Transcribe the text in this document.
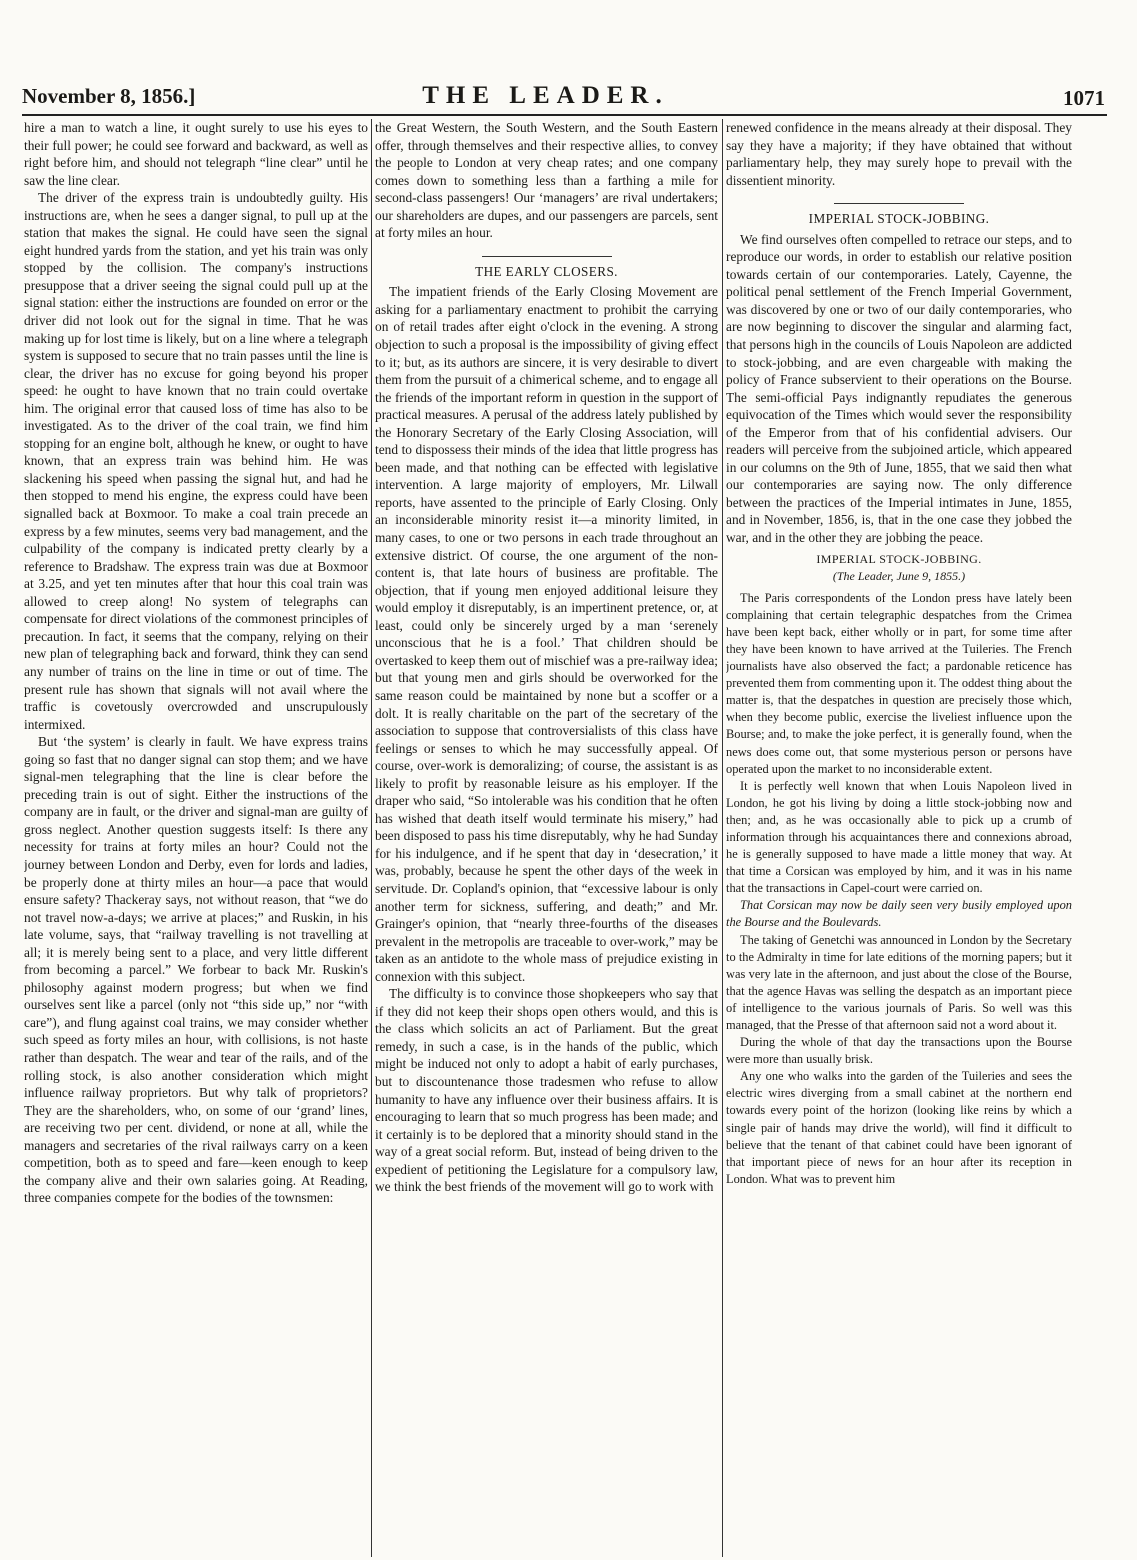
November 8, 1856.]	THE LEADER.	1071

hire a man to watch a line, it ought surely to use his eyes to their full power; he could see forward and backward, as well as right before him, and should not telegraph “line clear” until he saw the line clear.

The driver of the express train is undoubtedly guilty. His instructions are, when he sees a danger signal, to pull up at the station that makes the signal. He could have seen the signal eight hundred yards from the station, and yet his train was only stopped by the collision. The company's instructions presuppose that a driver seeing the signal could pull up at the signal station: either the instructions are founded on error or the driver did not look out for the signal in time. That he was making up for lost time is likely, but on a line where a telegraph system is supposed to secure that no train passes until the line is clear, the driver has no excuse for going beyond his proper speed: he ought to have known that no train could overtake him. The original error that caused loss of time has also to be investigated. As to the driver of the coal train, we find him stopping for an engine bolt, although he knew, or ought to have known, that an express train was behind him. He was slackening his speed when passing the signal hut, and had he then stopped to mend his engine, the express could have been signalled back at Boxmoor. To make a coal train precede an express by a few minutes, seems very bad management, and the culpability of the company is indicated pretty clearly by a reference to Bradshaw. The express train was due at Boxmoor at 3.25, and yet ten minutes after that hour this coal train was allowed to creep along! No system of telegraphs can compensate for direct violations of the commonest principles of precaution. In fact, it seems that the company, relying on their new plan of telegraphing back and forward, think they can send any number of trains on the line in time or out of time. The present rule has shown that signals will not avail where the traffic is covetously overcrowded and unscrupulously intermixed.

But ‘the system’ is clearly in fault. We have express trains going so fast that no danger signal can stop them; and we have signal-men telegraphing that the line is clear before the preceding train is out of sight. Either the instructions of the company are in fault, or the driver and signal-man are guilty of gross neglect. Another question suggests itself: Is there any necessity for trains at forty miles an hour? Could not the journey between London and Derby, even for lords and ladies, be properly done at thirty miles an hour—a pace that would ensure safety? Thackeray says, not without reason, that “we do not travel now-a-days; we arrive at places;” and Ruskin, in his late volume, says, that “railway travelling is not travelling at all; it is merely being sent to a place, and very little different from becoming a parcel.” We forbear to back Mr. Ruskin's philosophy against modern progress; but when we find ourselves sent like a parcel (only not “this side up,” nor “with care”), and flung against coal trains, we may consider whether such speed as forty miles an hour, with collisions, is not haste rather than despatch. The wear and tear of the rails, and of the rolling stock, is also another consideration which might influence railway proprietors. But why talk of proprietors? They are the shareholders, who, on some of our ‘grand’ lines, are receiving two per cent. dividend, or none at all, while the managers and secretaries of the rival railways carry on a keen competition, both as to speed and fare—keen enough to keep the company alive and their own salaries going. At Reading, three companies compete for the bodies of the townsmen:

the Great Western, the South Western, and the South Eastern offer, through themselves and their respective allies, to convey the people to London at very cheap rates; and one company comes down to something less than a farthing a mile for second-class passengers! Our ‘managers’ are rival undertakers; our shareholders are dupes, and our passengers are parcels, sent at forty miles an hour.

THE EARLY CLOSERS.

The impatient friends of the Early Closing Movement are asking for a parliamentary enactment to prohibit the carrying on of retail trades after eight o'clock in the evening. A strong objection to such a proposal is the impossibility of giving effect to it; but, as its authors are sincere, it is very desirable to divert them from the pursuit of a chimerical scheme, and to engage all the friends of the important reform in question in the support of practical measures. A perusal of the address lately published by the Honorary Secretary of the Early Closing Association, will tend to dispossess their minds of the idea that little progress has been made, and that nothing can be effected with legislative intervention. A large majority of employers, Mr. Lilwall reports, have assented to the principle of Early Closing. Only an inconsiderable minority resist it—a minority limited, in many cases, to one or two persons in each trade throughout an extensive district. Of course, the one argument of the non-content is, that late hours of business are profitable. The objection, that if young men enjoyed additional leisure they would employ it disreputably, is an impertinent pretence, or, at least, could only be sincerely urged by a man ‘serenely unconscious that he is a fool.’ That children should be overtasked to keep them out of mischief was a pre-railway idea; but that young men and girls should be overworked for the same reason could be maintained by none but a scoffer or a dolt. It is really charitable on the part of the secretary of the association to suppose that controversialists of this class have feelings or senses to which he may successfully appeal. Of course, over-work is demoralizing; of course, the assistant is as likely to profit by reasonable leisure as his employer. If the draper who said, “So intolerable was his condition that he often has wished that death itself would terminate his misery,” had been disposed to pass his time disreputably, why he had Sunday for his indulgence, and if he spent that day in ‘desecration,’ it was, probably, because he spent the other days of the week in servitude. Dr. Copland's opinion, that “excessive labour is only another term for sickness, suffering, and death;” and Mr. Grainger's opinion, that “nearly three-fourths of the diseases prevalent in the metropolis are traceable to over-work,” may be taken as an antidote to the whole mass of prejudice existing in connexion with this subject.

The difficulty is to convince those shopkeepers who say that if they did not keep their shops open others would, and this is the class which solicits an act of Parliament. But the great remedy, in such a case, is in the hands of the public, which might be induced not only to adopt a habit of early purchases, but to discountenance those tradesmen who refuse to allow humanity to have any influence over their business affairs. It is encouraging to learn that so much progress has been made; and it certainly is to be deplored that a minority should stand in the way of a great social reform. But, instead of being driven to the expedient of petitioning the Legislature for a compulsory law, we think the best friends of the movement will go to work with

renewed confidence in the means already at their disposal. They say they have a majority; if they have obtained that without parliamentary help, they may surely hope to prevail with the dissentient minority.

IMPERIAL STOCK-JOBBING.

We find ourselves often compelled to retrace our steps, and to reproduce our words, in order to establish our relative position towards certain of our contemporaries. Lately, Cayenne, the political penal settlement of the French Imperial Government, was discovered by one or two of our daily contemporaries, who are now beginning to discover the singular and alarming fact, that persons high in the councils of Louis Napoleon are addicted to stock-jobbing, and are even chargeable with making the policy of France subservient to their operations on the Bourse. The semi-official Pays indignantly repudiates the generous equivocation of the Times which would sever the responsibility of the Emperor from that of his confidential advisers. Our readers will perceive from the subjoined article, which appeared in our columns on the 9th of June, 1855, that we said then what our contemporaries are saying now. The only difference between the practices of the Imperial intimates in June, 1855, and in November, 1856, is, that in the one case they jobbed the war, and in the other they are jobbing the peace.

IMPERIAL STOCK-JOBBING.
(The Leader, June 9, 1855.)

The Paris correspondents of the London press have lately been complaining that certain telegraphic despatches from the Crimea have been kept back, either wholly or in part, for some time after they have been known to have arrived at the Tuileries. The French journalists have also observed the fact; a pardonable reticence has prevented them from commenting upon it. The oddest thing about the matter is, that the despatches in question are precisely those which, when they become public, exercise the liveliest influence upon the Bourse; and, to make the joke perfect, it is generally found, when the news does come out, that some mysterious person or persons have operated upon the market to no inconsiderable extent.

It is perfectly well known that when Louis Napoleon lived in London, he got his living by doing a little stock-jobbing now and then; and, as he was occasionally able to pick up a crumb of information through his acquaintances there and connexions abroad, he is generally supposed to have made a little money that way. At that time a Corsican was employed by him, and it was in his name that the transactions in Capel-court were carried on.

That Corsican may now be daily seen very busily employed upon the Bourse and the Boulevards.

The taking of Genetchi was announced in London by the Secretary to the Admiralty in time for late editions of the morning papers; but it was very late in the afternoon, and just about the close of the Bourse, that the agence Havas was selling the despatch as an important piece of intelligence to the various journals of Paris. So well was this managed, that the Presse of that afternoon said not a word about it.

During the whole of that day the transactions upon the Bourse were more than usually brisk.

Any one who walks into the garden of the Tuileries and sees the electric wires diverging from a small cabinet at the northern end towards every point of the horizon (looking like reins by which a single pair of hands may drive the world), will find it difficult to believe that the tenant of that cabinet could have been ignorant of that important piece of news for an hour after its reception in London. What was to prevent him
